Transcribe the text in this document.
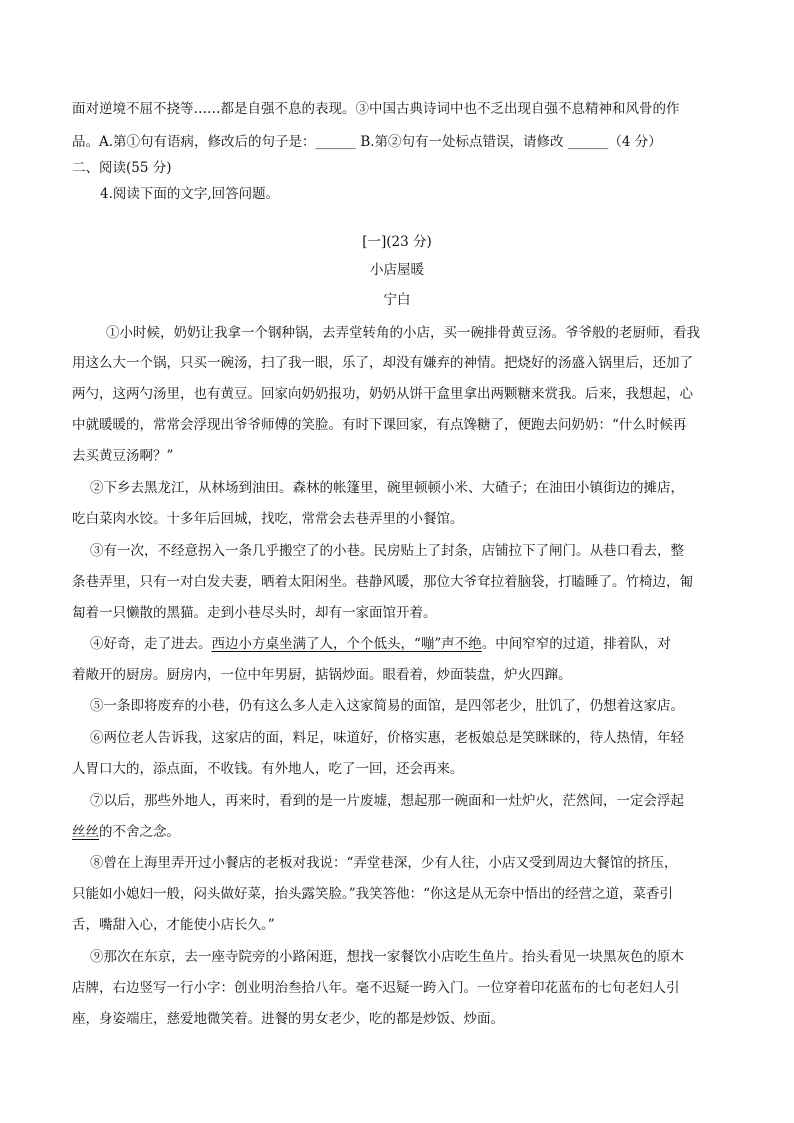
面对逆境不屈不挠等……都是自强不息的表现。③中国古典诗词中也不乏出现自强不息精神和风骨的作
品。A.第①句有语病，修改后的句子是：______ B.第②句有一处标点错误，请修改 ______（4 分）
二、阅读(55 分)
4.阅读下面的文字,回答问题。
[一](23 分)
小店屋暖
宁白
①小时候，奶奶让我拿一个钢种锅，去弄堂转角的小店，买一碗排骨黄豆汤。爷爷般的老厨师，看我
用这么大一个锅，只买一碗汤，扫了我一眼，乐了，却没有嫌弃的神情。把烧好的汤盛入锅里后，还加了
两勺，这两勺汤里，也有黄豆。回家向奶奶报功，奶奶从饼干盒里拿出两颗糖来赏我。后来，我想起，心
中就暖暖的，常常会浮现出爷爷师傅的笑脸。有时下课回家，有点馋糖了，便跑去问奶奶：“什么时候再
去买黄豆汤啊？”
②下乡去黑龙江，从林场到油田。森林的帐篷里，碗里顿顿小米、大碴子；在油田小镇街边的摊店，
吃白菜肉水饺。十多年后回城，找吃，常常会去巷弄里的小餐馆。
③有一次，不经意拐入一条几乎搬空了的小巷。民房贴上了封条，店铺拉下了闸门。从巷口看去，整
条巷弄里，只有一对白发夫妻，晒着太阳闲坐。巷静风暖，那位大爷耷拉着脑袋，打瞌睡了。竹椅边，匍
匐着一只懒散的黑猫。走到小巷尽头时，却有一家面馆开着。
④好奇，走了进去。西边小方桌坐满了人，个个低头，“嘣”声不绝。中间窄窄的过道，排着队，对
着敞开的厨房。厨房内，一位中年男厨，掂锅炒面。眼看着，炒面装盘，炉火四蹿。
⑤一条即将废弃的小巷，仍有这么多人走入这家简易的面馆，是四邻老少，肚饥了，仍想着这家店。
⑥两位老人告诉我，这家店的面，料足，味道好，价格实惠，老板娘总是笑眯眯的，待人热情，年轻
人胃口大的，添点面，不收钱。有外地人，吃了一回，还会再来。
⑦以后，那些外地人，再来时，看到的是一片废墟，想起那一碗面和一灶炉火，茫然间，一定会浮起
丝丝的不舍之念。
⑧曾在上海里弄开过小餐店的老板对我说：“弄堂巷深，少有人往，小店又受到周边大餐馆的挤压，
只能如小媳妇一般，闷头做好菜，抬头露笑脸。”我笑答他：“你这是从无奈中悟出的经营之道，菜香引
舌，嘴甜入心，才能使小店长久。”
⑨那次在东京，去一座寺院旁的小路闲逛，想找一家餐饮小店吃生鱼片。抬头看见一块黑灰色的原木
店牌，右边竖写一行小字：创业明治叁拾八年。毫不迟疑一跨入门。一位穿着印花蓝布的七旬老妇人引
座，身姿端庄，慈爱地微笑着。进餐的男女老少，吃的都是炒饭、炒面。
